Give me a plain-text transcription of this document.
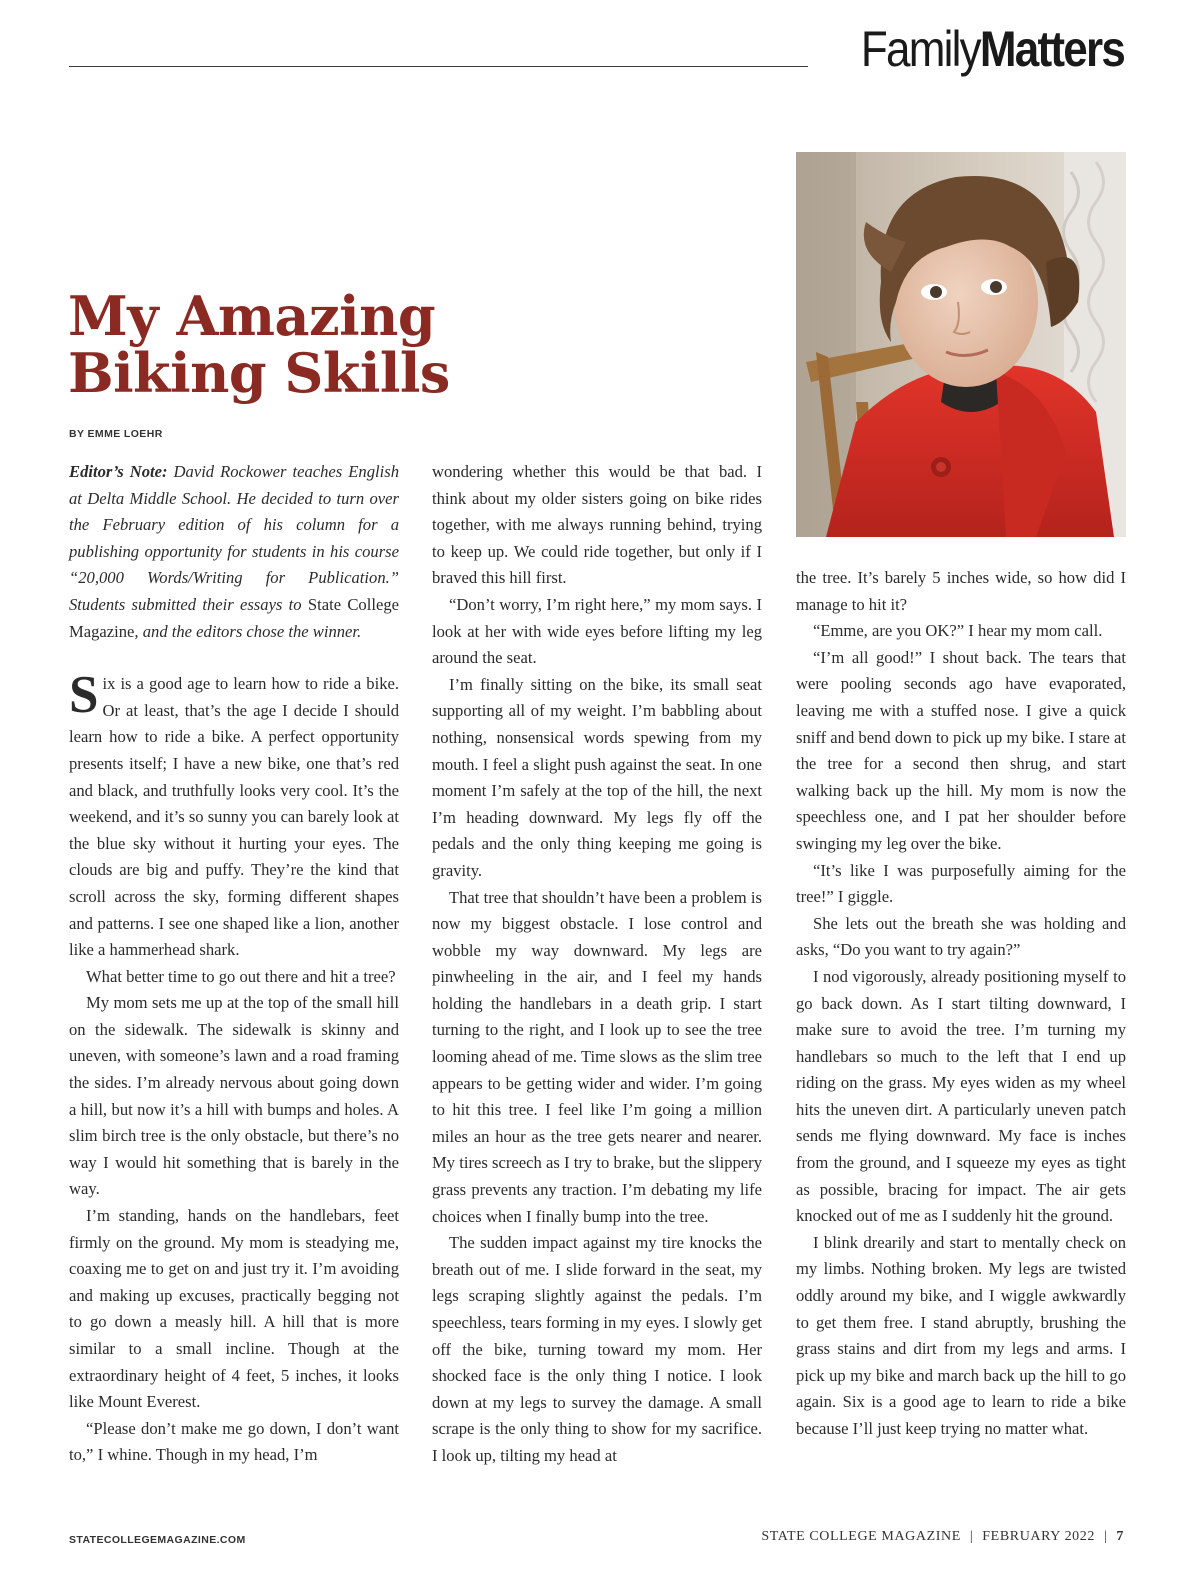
FamilyMatters
My Amazing
Biking Skills
BY EMME LOEHR

Editor’s Note: David Rockower teaches English at Delta Middle School. He decided to turn over the February edition of his column for a publishing opportunity for students in his course “20,000 Words/Writing for Publication.” Students submitted their essays to State College Magazine, and the editors chose the winner.

Six is a good age to learn how to ride a bike. Or at least, that’s the age I decide I should learn how to ride a bike. A perfect opportunity presents itself; I have a new bike, one that’s red and black, and truthfully looks very cool. It’s the weekend, and it’s so sunny you can barely look at the blue sky without it hurting your eyes. The clouds are big and puffy. They’re the kind that scroll across the sky, forming different shapes and patterns. I see one shaped like a lion, another like a hammerhead shark.

What better time to go out there and hit a tree?

My mom sets me up at the top of the small hill on the sidewalk. The sidewalk is skinny and uneven, with someone’s lawn and a road framing the sides. I’m already nervous about going down a hill, but now it’s a hill with bumps and holes. A slim birch tree is the only obstacle, but there’s no way I would hit something that is barely in the way.

I’m standing, hands on the handlebars, feet firmly on the ground. My mom is steadying me, coaxing me to get on and just try it. I’m avoiding and making up excuses, practically begging not to go down a measly hill. A hill that is more similar to a small incline. Though at the extraordinary height of 4 feet, 5 inches, it looks like Mount Everest.

“Please don’t make me go down, I don’t want to,” I whine. Though in my head, I’m

wondering whether this would be that bad. I think about my older sisters going on bike rides together, with me always running behind, trying to keep up. We could ride together, but only if I braved this hill first.

“Don’t worry, I’m right here,” my mom says. I look at her with wide eyes before lifting my leg around the seat.

I’m finally sitting on the bike, its small seat supporting all of my weight. I’m babbling about nothing, nonsensical words spewing from my mouth. I feel a slight push against the seat. In one moment I’m safely at the top of the hill, the next I’m heading downward. My legs fly off the pedals and the only thing keeping me going is gravity.

That tree that shouldn’t have been a problem is now my biggest obstacle. I lose control and wobble my way downward. My legs are pinwheeling in the air, and I feel my hands holding the handlebars in a death grip. I start turning to the right, and I look up to see the tree looming ahead of me. Time slows as the slim tree appears to be getting wider and wider. I’m going to hit this tree. I feel like I’m going a million miles an hour as the tree gets nearer and nearer. My tires screech as I try to brake, but the slippery grass prevents any traction. I’m debating my life choices when I finally bump into the tree.

The sudden impact against my tire knocks the breath out of me. I slide forward in the seat, my legs scraping slightly against the pedals. I’m speechless, tears forming in my eyes. I slowly get off the bike, turning toward my mom. Her shocked face is the only thing I notice. I look down at my legs to survey the damage. A small scrape is the only thing to show for my sacrifice. I look up, tilting my head at

the tree. It’s barely 5 inches wide, so how did I manage to hit it?

“Emme, are you OK?” I hear my mom call.

“I’m all good!” I shout back. The tears that were pooling seconds ago have evaporated, leaving me with a stuffed nose. I give a quick sniff and bend down to pick up my bike. I stare at the tree for a second then shrug, and start walking back up the hill. My mom is now the speechless one, and I pat her shoulder before swinging my leg over the bike.

“It’s like I was purposefully aiming for the tree!” I giggle.

She lets out the breath she was holding and asks, “Do you want to try again?”

I nod vigorously, already positioning myself to go back down. As I start tilting downward, I make sure to avoid the tree. I’m turning my handlebars so much to the left that I end up riding on the grass. My eyes widen as my wheel hits the uneven dirt. A particularly uneven patch sends me flying downward. My face is inches from the ground, and I squeeze my eyes as tight as possible, bracing for impact. The air gets knocked out of me as I suddenly hit the ground.

I blink drearily and start to mentally check on my limbs. Nothing broken. My legs are twisted oddly around my bike, and I wiggle awkwardly to get them free. I stand abruptly, brushing the grass stains and dirt from my legs and arms. I pick up my bike and march back up the hill to go again. Six is a good age to learn to ride a bike because I’ll just keep trying no matter what.

STATECOLLEGEMAGAZINE.COM	STATE COLLEGE MAGAZINE | FEBRUARY 2022 | 7
